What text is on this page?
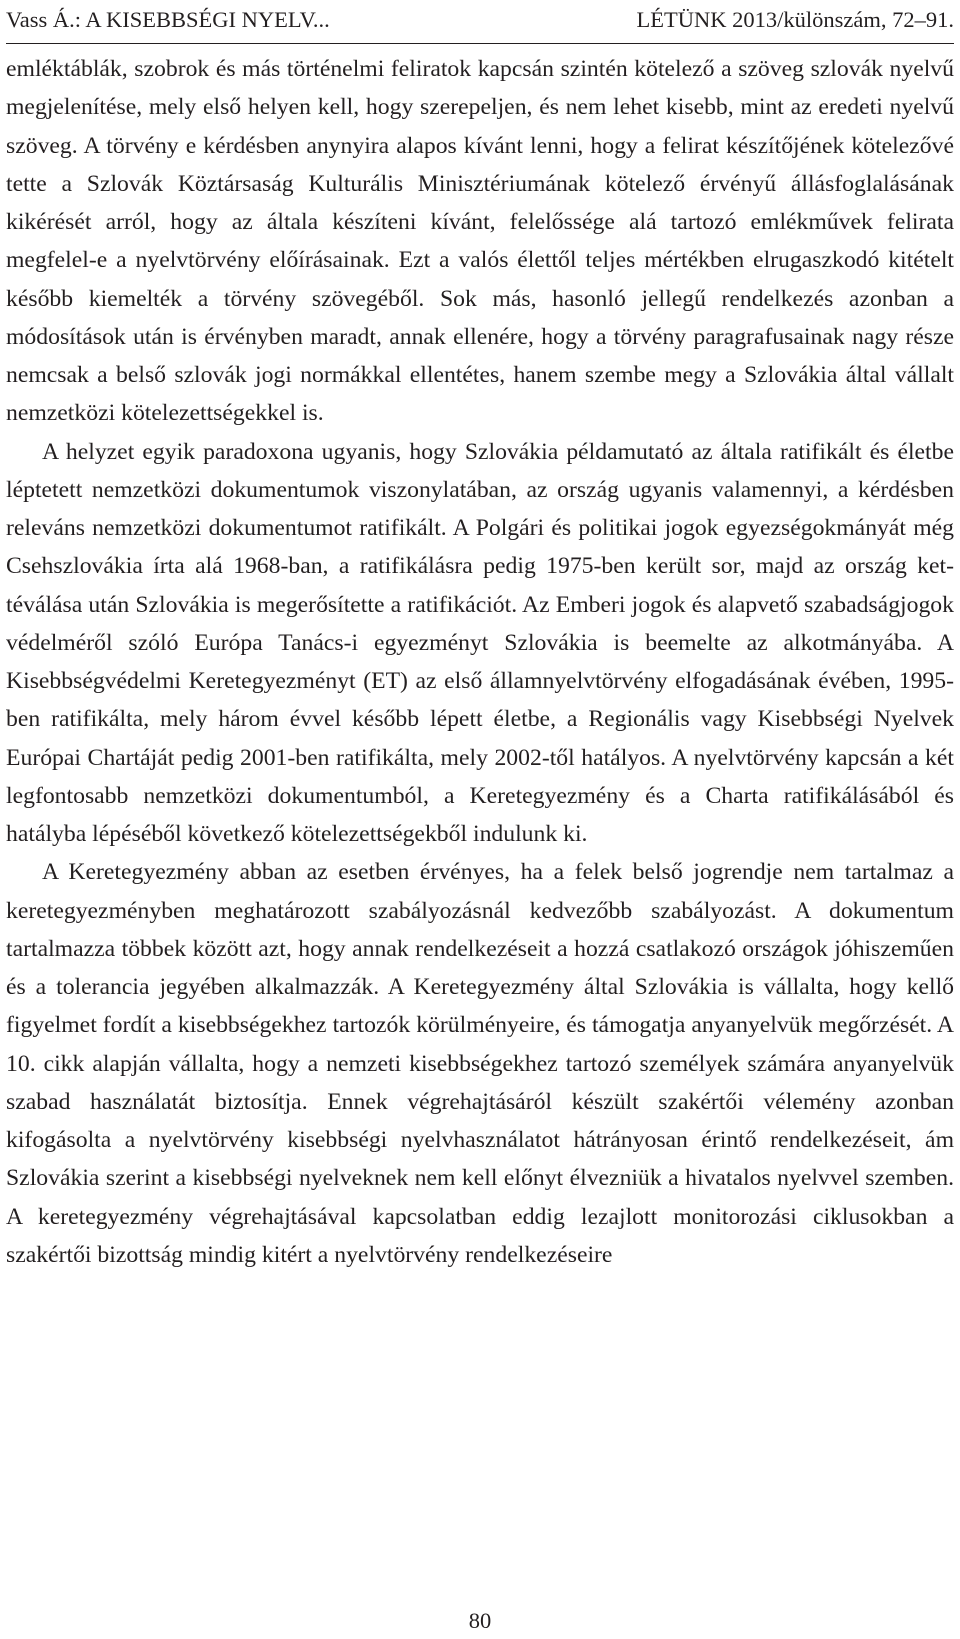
Vass Á.: A KISEBBSÉGI NYELV...	LÉTÜNK 2013/különszám, 72–91.

emléktáblák, szobrok és más történelmi feliratok kapcsán szintén kötelező a szöveg szlovák nyelvű megjelenítése, mely első helyen kell, hogy szerepeljen, és nem lehet kisebb, mint az eredeti nyelvű szöveg. A törvény e kérdésben anynyira alapos kívánt lenni, hogy a felirat készítőjének kötelezővé tette a Szlovák Köztársaság Kulturális Minisztériumának kötelező érvényű állásfoglalásának kikérését arról, hogy az általa készíteni kívánt, felelőssége alá tartozó emlékművek felirata megfelel-e a nyelvtörvény előírásainak. Ezt a valós élettől teljes mértékben elrugaszkodó kitételt később kiemelték a törvény szövegéből. Sok más, hasonló jellegű rendelkezés azonban a módosítások után is érvényben maradt, annak ellenére, hogy a törvény paragrafusainak nagy része nemcsak a belső szlovák jogi normákkal ellentétes, hanem szembe megy a Szlovákia által vállalt nemzetközi kötelezettségekkel is.

A helyzet egyik paradoxona ugyanis, hogy Szlovákia példamutató az általa ratifikált és életbe léptetett nemzetközi dokumentumok viszonylatában, az ország ugyanis valamennyi, a kérdésben releváns nemzetközi dokumentumot ratifikált. A Polgári és politikai jogok egyezségokmányát még Csehszlovákia írta alá 1968-ban, a ratifikálásra pedig 1975-ben került sor, majd az ország kettéválása után Szlovákia is megerősítette a ratifikációt. Az Emberi jogok és alapvető szabadságjogok védelméről szóló Európa Tanács-i egyezményt Szlovákia is beemelte az alkotmányába. A Kisebbségvédelmi Keretegyezményt (ET) az első államnyelvtörvény elfogadásának évében, 1995-ben ratifikálta, mely három évvel később lépett életbe, a Regionális vagy Kisebbségi Nyelvek Európai Chartáját pedig 2001-ben ratifikálta, mely 2002-től hatályos. A nyelvtörvény kapcsán a két legfontosabb nemzetközi dokumentumból, a Keretegyezmény és a Charta ratifikálásából és hatályba lépéséből következő kötelezettségekből indulunk ki.

A Keretegyezmény abban az esetben érvényes, ha a felek belső jogrendje nem tartalmaz a keretegyezményben meghatározott szabályozásnál kedvezőbb szabályozást. A dokumentum tartalmazza többek között azt, hogy annak rendelkezéseit a hozzá csatlakozó országok jóhiszeműen és a tolerancia jegyében alkalmazzák. A Keretegyezmény által Szlovákia is vállalta, hogy kellő figyelmet fordít a kisebbségekhez tartozók körülményeire, és támogatja anyanyelvük megőrzését. A 10. cikk alapján vállalta, hogy a nemzeti kisebbségekhez tartozó személyek számára anyanyelvük szabad használatát biztosítja. Ennek végrehajtásáról készült szakértői vélemény azonban kifogásolta a nyelvtörvény kisebbségi nyelvhasználatot hátrányosan érintő rendelkezéseit, ám Szlovákia szerint a kisebbségi nyelveknek nem kell előnyt élvezniük a hivatalos nyelvvel szemben. A keretegyezmény végrehajtásával kapcsolatban eddig lezajlott monitorozási ciklusokban a szakértői bizottság mindig kitért a nyelvtörvény rendelkezéseire

80
